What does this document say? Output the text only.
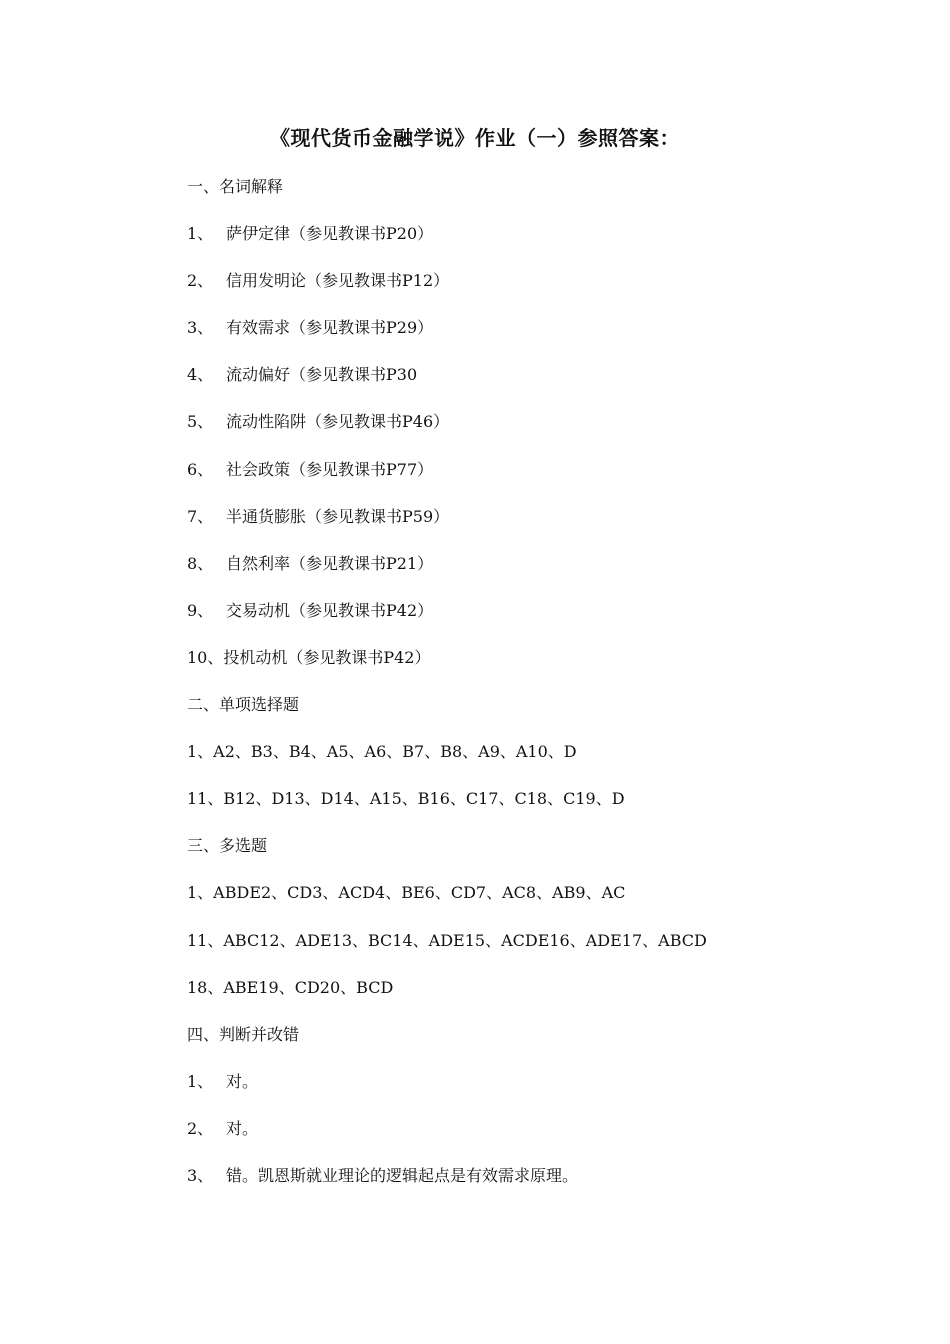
《现代货币金融学说》作业（一）参照答案：
一、名词解释
1、 萨伊定律（参见教课书P20）
2、 信用发明论（参见教课书P12）
3、 有效需求（参见教课书P29）
4、 流动偏好（参见教课书P30
5、 流动性陷阱（参见教课书P46）
6、 社会政策（参见教课书P77）
7、 半通货膨胀（参见教课书P59）
8、 自然利率（参见教课书P21）
9、 交易动机（参见教课书P42）
10、投机动机（参见教课书P42）
二、单项选择题
1、A2、B3、B4、A5、A6、B7、B8、A9、A10、D
11、B12、D13、D14、A15、B16、C17、C18、C19、D
三、多选题
1、ABDE2、CD3、ACD4、BE6、CD7、AC8、AB9、AC
11、ABC12、ADE13、BC14、ADE15、ACDE16、ADE17、ABCD
18、ABE19、CD20、BCD
四、判断并改错
1、 对。
2、 对。
3、 错。凯恩斯就业理论的逻辑起点是有效需求原理。
